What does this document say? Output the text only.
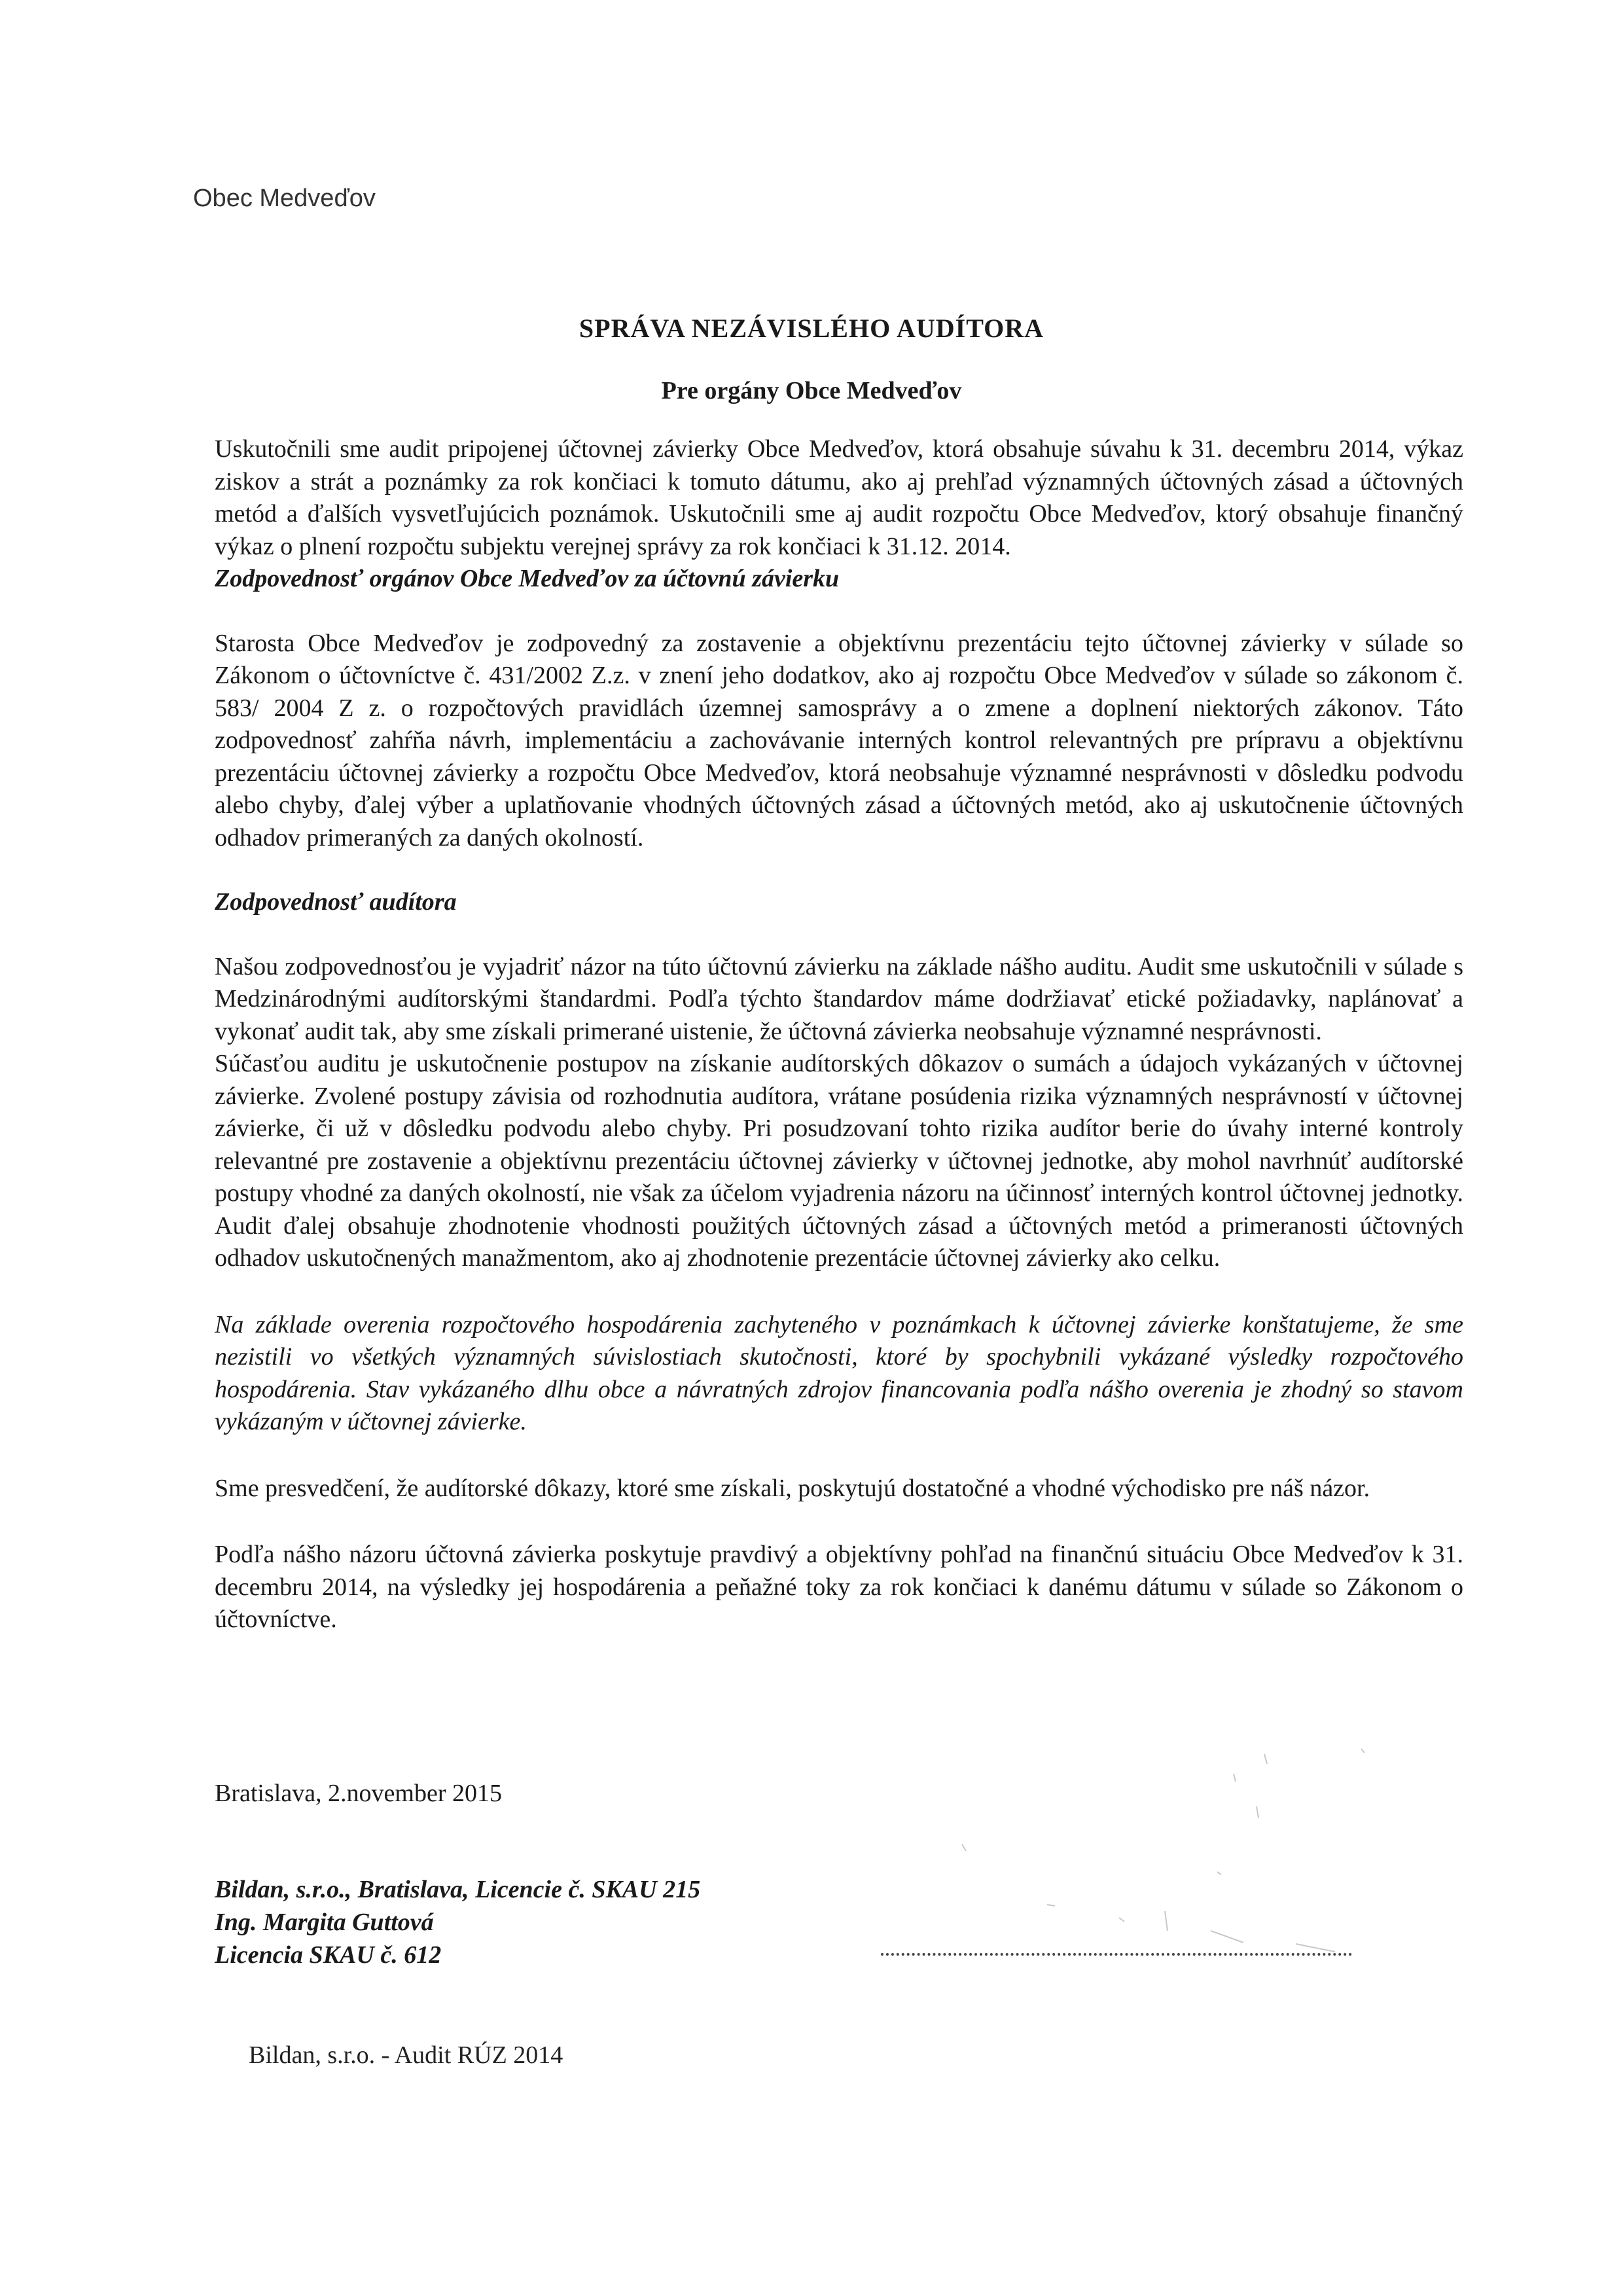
Obec Medveďov
SPRÁVA NEZÁVISLÉHO AUDÍTORA
Pre orgány Obce Medveďov

Uskutočnili sme audit pripojenej účtovnej závierky Obce Medveďov, ktorá obsahuje súvahu k 31. decembru 2014, výkaz ziskov a strát a poznámky za rok končiaci k tomuto dátumu, ako aj prehľad významných účtovných zásad a účtovných metód a ďalších vysvetľujúcich poznámok. Uskutočnili sme aj audit rozpočtu Obce Medveďov, ktorý obsahuje finančný výkaz o plnení rozpočtu subjektu verejnej správy za rok končiaci k 31.12. 2014.

Zodpovednosť orgánov Obce Medveďov za účtovnú závierku

Starosta Obce Medveďov je zodpovedný za zostavenie a objektívnu prezentáciu tejto účtovnej závierky v súlade so Zákonom o účtovníctve č. 431/2002 Z.z. v znení jeho dodatkov, ako aj rozpočtu Obce Medveďov v súlade so zákonom č. 583/ 2004 Z z. o rozpočtových pravidlách územnej samosprávy a o zmene a doplnení niektorých zákonov. Táto zodpovednosť zahŕňa návrh, implementáciu a zachovávanie interných kontrol relevantných pre prípravu a objektívnu prezentáciu účtovnej závierky a rozpočtu Obce Medveďov, ktorá neobsahuje významné nesprávnosti v dôsledku podvodu alebo chyby, ďalej výber a uplatňovanie vhodných účtovných zásad a účtovných metód, ako aj uskutočnenie účtovných odhadov primeraných za daných okolností.

Zodpovednosť audítora

Našou zodpovednosťou je vyjadriť názor na túto účtovnú závierku na základe nášho auditu. Audit sme uskutočnili v súlade s Medzinárodnými audítorskými štandardmi. Podľa týchto štandardov máme dodržiavať etické požiadavky, naplánovať a vykonať audit tak, aby sme získali primerané uistenie, že účtovná závierka neobsahuje významné nesprávnosti.

Súčasťou auditu je uskutočnenie postupov na získanie audítorských dôkazov o sumách a údajoch vykázaných v účtovnej závierke. Zvolené postupy závisia od rozhodnutia audítora, vrátane posúdenia rizika významných nesprávností v účtovnej závierke, či už v dôsledku podvodu alebo chyby. Pri posudzovaní tohto rizika audítor berie do úvahy interné kontroly relevantné pre zostavenie a objektívnu prezentáciu účtovnej závierky v účtovnej jednotke, aby mohol navrhnúť audítorské postupy vhodné za daných okolností, nie však za účelom vyjadrenia názoru na účinnosť interných kontrol účtovnej jednotky. Audit ďalej obsahuje zhodnotenie vhodnosti použitých účtovných zásad a účtovných metód a primeranosti účtovných odhadov uskutočnených manažmentom, ako aj zhodnotenie prezentácie účtovnej závierky ako celku.

Na základe overenia rozpočtového hospodárenia zachyteného v poznámkach k účtovnej závierke konštatujeme, že sme nezistili vo všetkých významných súvislostiach skutočnosti, ktoré by spochybnili vykázané výsledky rozpočtového hospodárenia. Stav vykázaného dlhu obce a návratných zdrojov financovania podľa nášho overenia je zhodný so stavom vykázaným v účtovnej závierke.

Sme presvedčení, že audítorské dôkazy, ktoré sme získali, poskytujú dostatočné a vhodné východisko pre náš názor.

Podľa nášho názoru účtovná závierka poskytuje pravdivý a objektívny pohľad na finančnú situáciu Obce Medveďov k 31. decembru 2014, na výsledky jej hospodárenia a peňažné toky za rok končiaci k danému dátumu v súlade so Zákonom o účtovníctve.

Bratislava, 2.november 2015
Bildan, s.r.o., Bratislava, Licencie č. SKAU 215
Ing. Margita Guttová
Licencia SKAU č. 612
Bildan, s.r.o. - Audit RÚZ 2014
